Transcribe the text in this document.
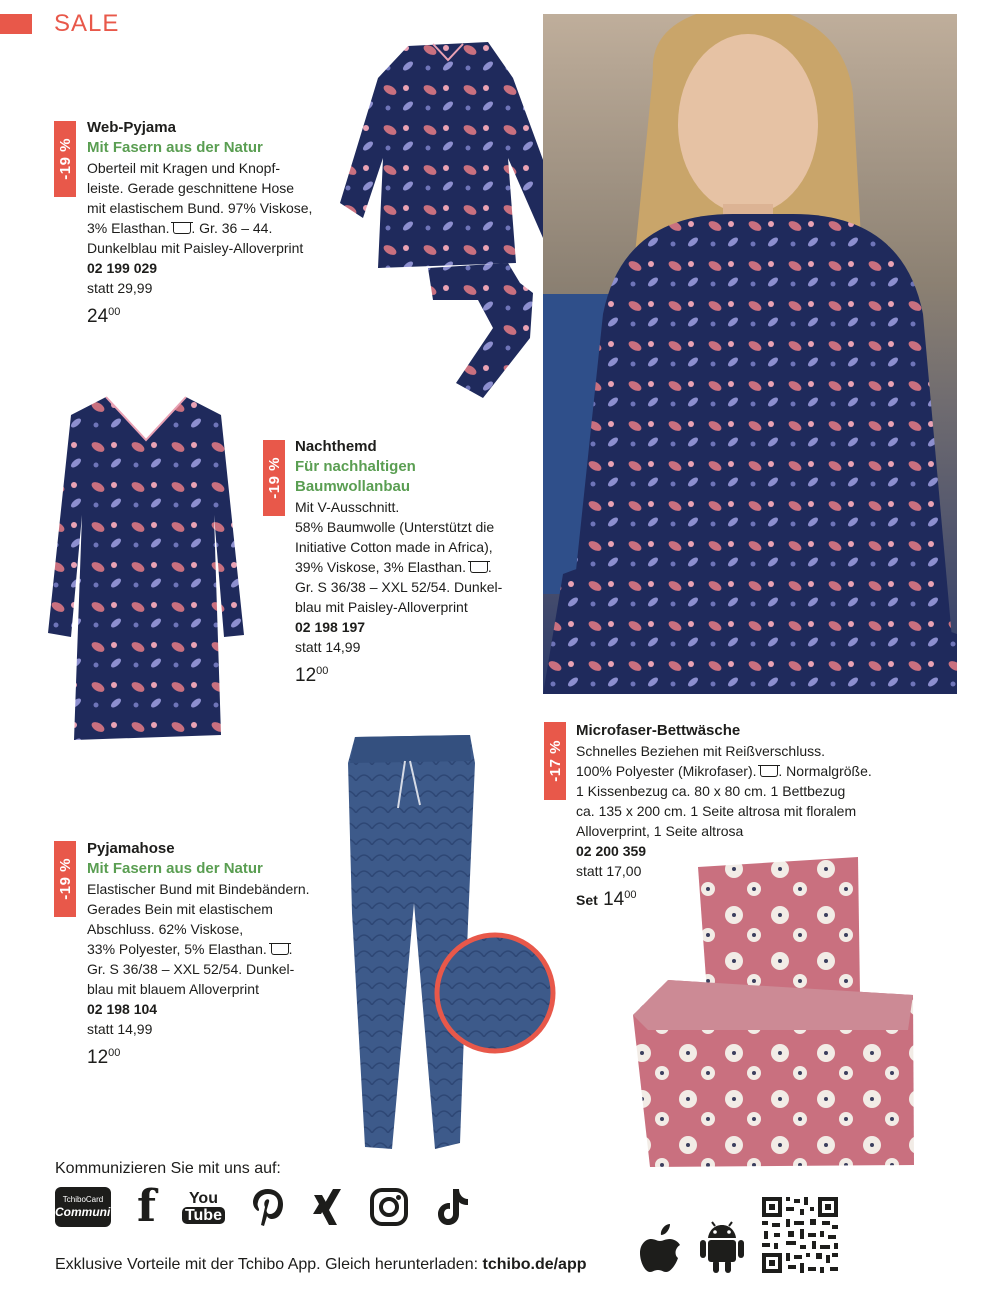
SALE
-19 %
Web-Pyjama
Mit Fasern aus der Natur
Oberteil mit Kragen und Knopf-
leiste. Gerade geschnittene Hose
mit elastischem Bund. 97% Viskose,
3% Elasthan. . Gr. 36 – 44.
Dunkelblau mit Paisley-Alloverprint
02 199 029
statt 29,99
$24^{00}$
-19 %
Nachthemd
Für nachhaltigen
Baumwollanbau
Mit V-Ausschnitt.
58% Baumwolle (Unterstützt die
Initiative Cotton made in Africa),
39% Viskose, 3% Elasthan. .
Gr. S 36/38 – XXL 52/54. Dunkel-
blau mit Paisley-Alloverprint
02 198 197
statt 14,99
$12^{00}$
-17 %
Microfaser-Bettwäsche
Schnelles Beziehen mit Reißverschluss.
100% Polyester (Mikrofaser). . Normalgröße.
1 Kissenbezug ca. 80 x 80 cm. 1 Bettbezug
ca. 135 x 200 cm. 1 Seite altrosa mit floralem
Alloverprint, 1 Seite altrosa
02 200 359
statt 17,00
Set $14^{00}$
-19 %
Pyjamahose
Mit Fasern aus der Natur
Elastischer Bund mit Bindebändern.
Gerades Bein mit elastischem
Abschluss. 62% Viskose,
33% Polyester, 5% Elasthan. .
Gr. S 36/38 – XXL 52/54. Dunkel-
blau mit blauem Alloverprint
02 198 104
statt 14,99
$12^{00}$
Kommunizieren Sie mit uns auf:
TchiboCard
Community f	You
Tube
Exklusive Vorteile mit der Tchibo App. Gleich herunterladen: tchibo.de/app
